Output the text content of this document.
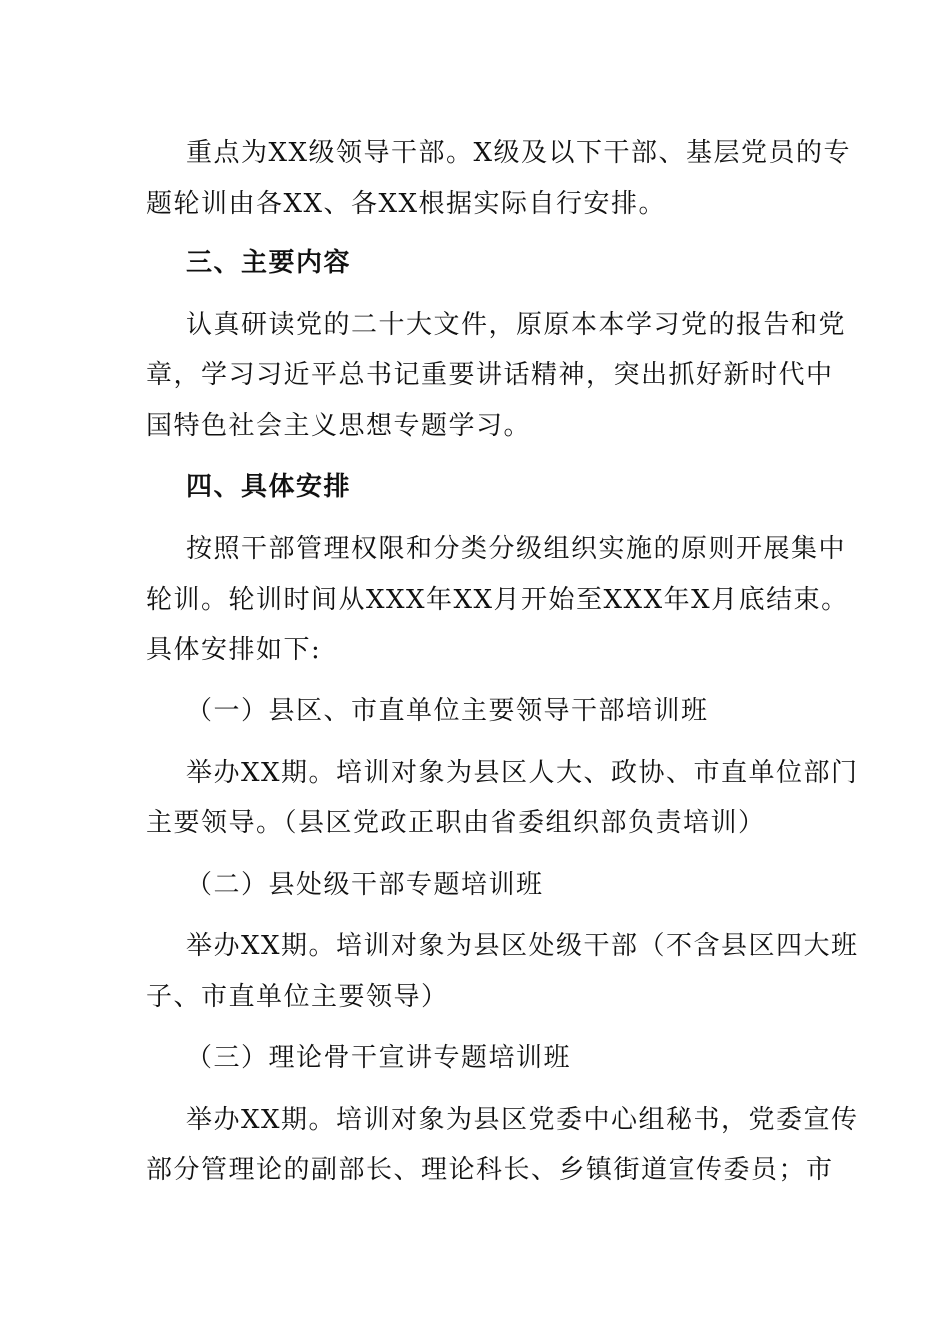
重点为XX级领导干部。X级及以下干部、基层党员的专
题轮训由各XX、各XX根据实际自行安排。
三、主要内容
认真研读党的二十大文件，原原本本学习党的报告和党
章，学习习近平总书记重要讲话精神，突出抓好新时代中
国特色社会主义思想专题学习。
四、具体安排
按照干部管理权限和分类分级组织实施的原则开展集中
轮训。轮训时间从XXX年XX月开始至XXX年X月底结束。
具体安排如下:
（一）县区、市直单位主要领导干部培训班
举办XX期。培训对象为县区人大、政协、市直单位部门
主要领导。（县区党政正职由省委组织部负责培训）
（二）县处级干部专题培训班
举办XX期。培训对象为县区处级干部（不含县区四大班
子、市直单位主要领导）
（三）理论骨干宣讲专题培训班
举办XX期。培训对象为县区党委中心组秘书，党委宣传
部分管理论的副部长、理论科长、乡镇街道宣传委员；市
